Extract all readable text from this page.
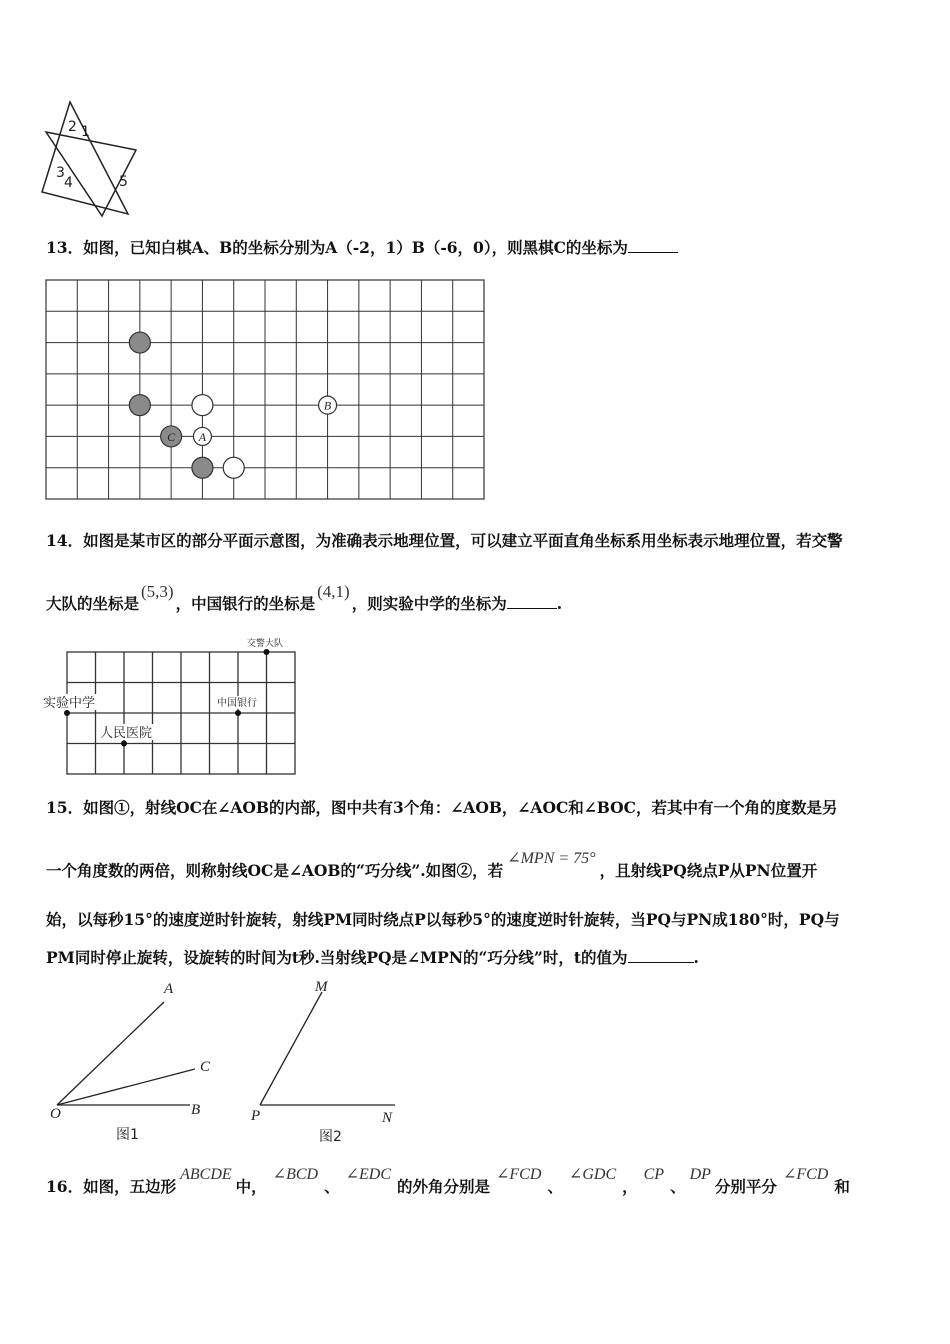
2 1
3
4	5
13．如图，已知白棋A、B的坐标分别为A（-2，1）B（-6，0），则黑棋C的坐标为
B
C A
14．如图是某市区的部分平面示意图，为准确表示地理位置，可以建立平面直角坐标系用坐标表示地理位置，若交警
大队的坐标是(5,3)，中国银行的坐标是(4,1)，则实验中学的坐标为	.
交警大队
实验中学	中国银行
人民医院
15．如图①，射线OC在∠AOB的内部，图中共有3个角：∠AOB，∠AOC和∠BOC，若其中有一个角的度数是另
一个角度数的两倍，则称射线OC是∠AOB的“巧分线”.如图②，若∠MPN = 75°，且射线PQ绕点P从PN位置开
始，以每秒15°的速度逆时针旋转，射线PM同时绕点P以每秒5°的速度逆时针旋转，当PQ与PN成180°时，PQ与
PM同时停止旋转，设旋转的时间为t秒.当射线PQ是∠MPN的“巧分线”时，t的值为	.
A
C
O	B
图1
M
P	N
图2
16．如图，五边形ABCDE中，∠BCD、∠EDC的外角分别是∠FCD、∠GDC，CP、DP分别平分∠FCD和
